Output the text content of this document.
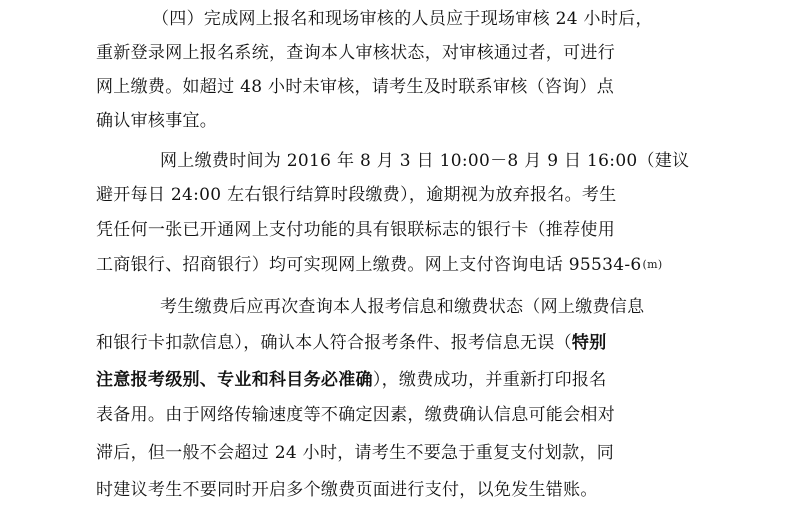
（四）完成网上报名和现场审核的人员应于现场审核 24 小时后，
重新登录网上报名系统，查询本人审核状态，对审核通过者，可进行
网上缴费。如超过 48 小时未审核，请考生及时联系审核（咨询）点
确认审核事宜。
网上缴费时间为 2016 年 8 月 3 日 10:00－8 月 9 日 16:00（建议
避开每日 24:00 左右银行结算时段缴费），逾期视为放弃报名。考生
凭任何一张已开通网上支付功能的具有银联标志的银行卡（推荐使用
工商银行、招商银行）均可实现网上缴费。网上支付咨询电话 95534-6(m)
考生缴费后应再次查询本人报考信息和缴费状态（网上缴费信息
和银行卡扣款信息），确认本人符合报考条件、报考信息无误（特别
注意报考级别、专业和科目务必准确），缴费成功，并重新打印报名
表备用。由于网络传输速度等不确定因素，缴费确认信息可能会相对
滞后，但一般不会超过 24 小时，请考生不要急于重复支付划款，同
时建议考生不要同时开启多个缴费页面进行支付，以免发生错账。
